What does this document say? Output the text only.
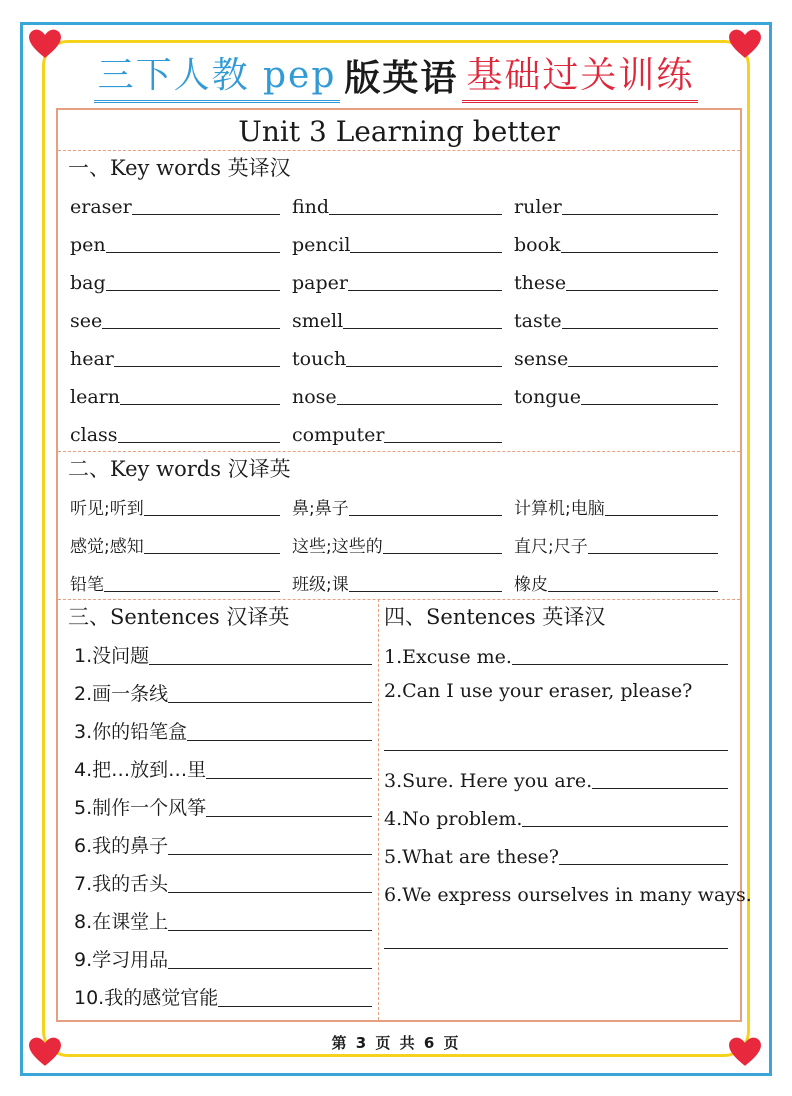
三下人教 pep 版英语 基础过关训练
Unit 3 Learning better
一、Key words 英译汉
eraser	find	ruler
pen	pencil	book
bag	paper	these
see	smell	taste
hear	touch	sense
learn	nose	tongue
class	computer
二、Key words 汉译英
听见;听到	鼻;鼻子	计算机;电脑
感觉;感知	这些;这些的	直尺;尺子
铅笔	班级;课	橡皮
三、Sentences 汉译英
1.没问题
2.画一条线
3.你的铅笔盒
4.把…放到…里
5.制作一个风筝
6.我的鼻子
7.我的舌头
8.在课堂上
9.学习用品
10.我的感觉官能
四、Sentences 英译汉
1.Excuse me.
2.Can I use your eraser, please?
3.Sure. Here you are.
4.No problem.
5.What are these?
6.We express ourselves in many ways.
第 3 页 共 6 页
